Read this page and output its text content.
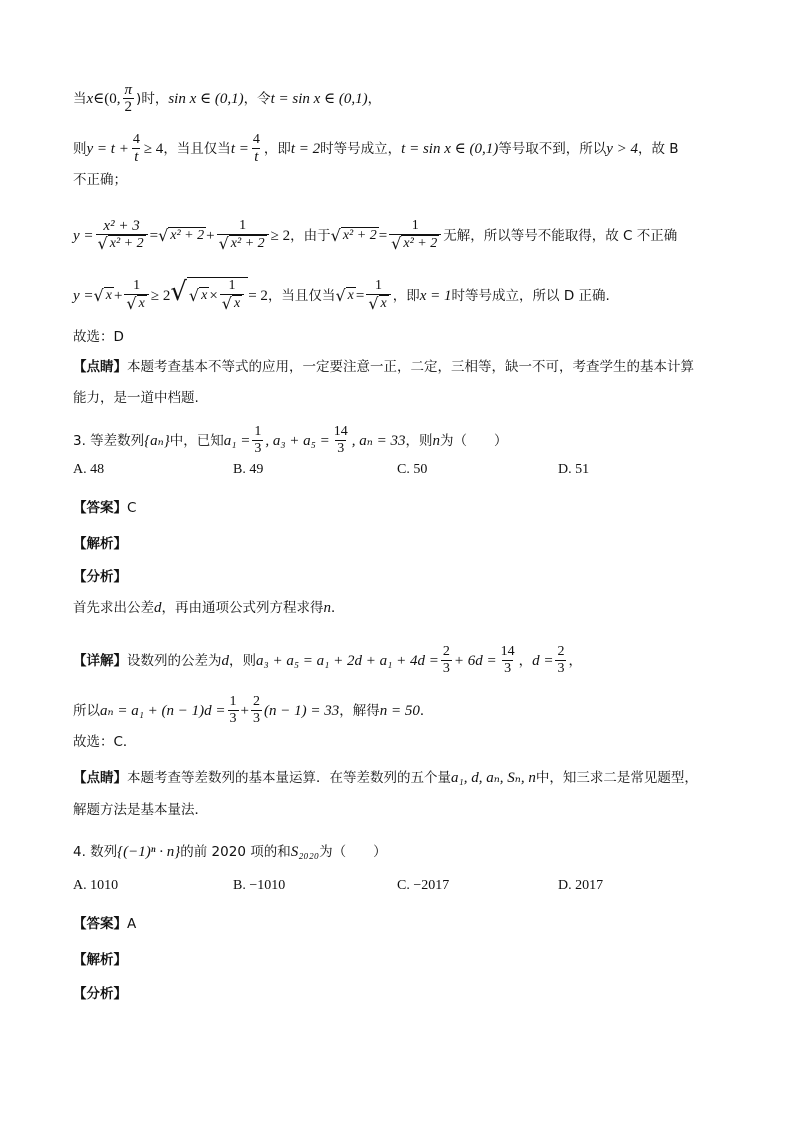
当 x ∈(0, $\frac{\pi}{2}$ )时， sin x ∈ (0,1) ，令 t = sin x ∈ (0,1) ，
则 $y = t + \frac{4}{t} \ge 4$ ，当且仅当 $t = \frac{4}{t}$ ，即 t = 2 时等号成立， t = sin x ∈ (0,1) 等号取不到，所以 y > 4 ，故 B
不正确；
$y = \frac{\text{x² + 3}}{\text{√ x² + 2}}$ = √ $x^2 + 2 + \frac{1}{\text{√ x² + 2}} \ge 2$ ，由于 √ $x^2 + 2 = \frac{1}{\text{√ x² + 2}}$ 无解，所以等号不能取得，故 C 不正确
y = √ $x + \frac{1}{√ x} \ge 2$ √ √ $x \times \frac{1}{√ x} = 2$ ，当且仅当 √ $x = \frac{1}{√ x}$ ，即 x = 1 时等号成立，所以 D 正确.
故选：D
【点睛】 本题考查基本不等式的应用，一定要注意一正，二定，三相等，缺一不可，考查学生的基本计算
能力，是一道中档题.
3. 等差数列 {aₙ} 中，已知 $a_1 = \frac{1}{3}$ , $a_3 + a_5 = \frac{14}{3}$ , aₙ = 33 ，则 n 为（　　）
A. 48	B. 49	C. 50	D. 51
【答案】 C
【解析】
【分析】
首先求出公差 d ，再由通项公式列方程求得 n ．
【详解】 设数列的公差为 d ，则 $a_3 + a_5 = a_1 + 2d + a_1 + 4d = \frac{2}{3} + 6d = \frac{14}{3}$ ， $d = \frac{2}{3}$ ，
所以 $a_n = a_1 + (n - 1)d = \frac{1}{3} + \frac{2}{3} (n - 1) = 33$ ，解得 n = 50 ．
故选：C．
【点睛】 本题考查等差数列的基本量运算．在等差数列的五个量 a₁, d, aₙ, Sₙ, n 中，知三求二是常见题型，
解题方法是基本量法．
4. 数列 {(−1)ⁿ · n} 的前 2020 项的和 S₂₀₂₀ 为（　　）
A. 1010	B. −1010	C. −2017	D. 2017
【答案】 A
【解析】
【分析】
